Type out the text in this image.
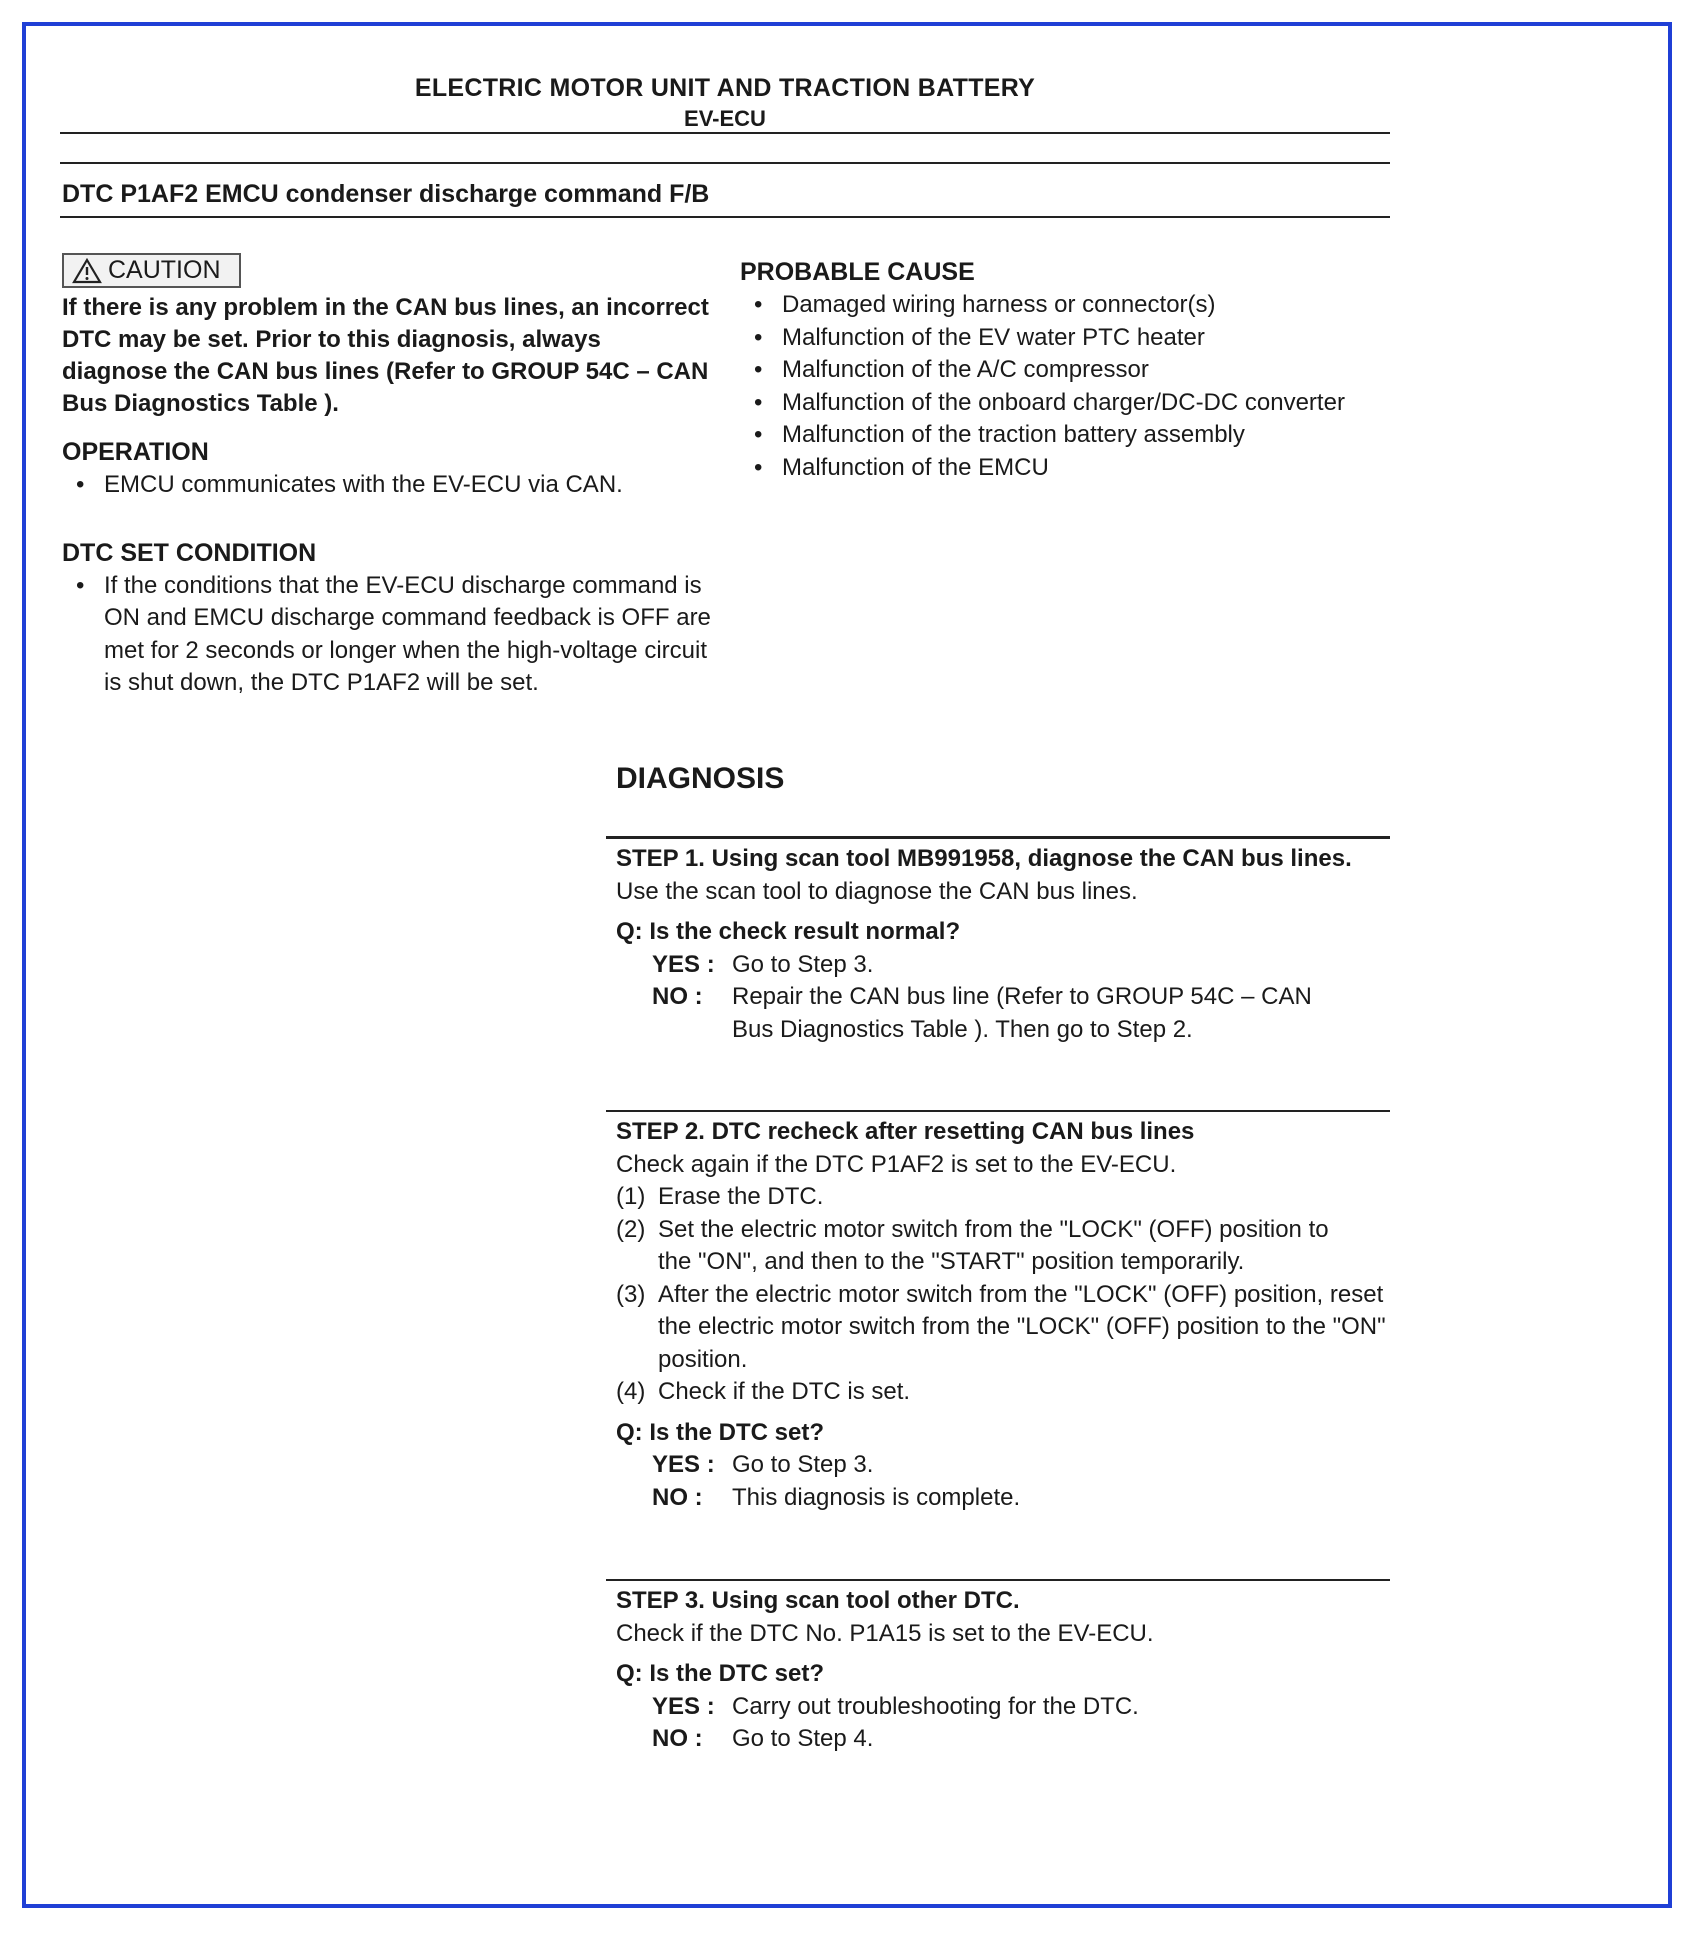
ELECTRIC MOTOR UNIT AND TRACTION BATTERY
EV-ECU
DTC P1AF2 EMCU condenser discharge command F/B
CAUTION
If there is any problem in the CAN bus lines, an incorrect DTC may be set. Prior to this diagnosis, always diagnose the CAN bus lines (Refer to GROUP 54C – CAN Bus Diagnostics Table ).
OPERATION
• EMCU communicates with the EV-ECU via CAN.
DTC SET CONDITION
• If the conditions that the EV-ECU discharge command is ON and EMCU discharge command feedback is OFF are met for 2 seconds or longer when the high-voltage circuit is shut down, the DTC P1AF2 will be set.
PROBABLE CAUSE
• Damaged wiring harness or connector(s)
• Malfunction of the EV water PTC heater
• Malfunction of the A/C compressor
• Malfunction of the onboard charger/DC-DC converter
• Malfunction of the traction battery assembly
• Malfunction of the EMCU
DIAGNOSIS
STEP 1. Using scan tool MB991958, diagnose the CAN bus lines.
Use the scan tool to diagnose the CAN bus lines.
Q: Is the check result normal?
YES : Go to Step 3.
NO :	Repair the CAN bus line (Refer to GROUP 54C – CAN Bus Diagnostics Table ). Then go to Step 2.
STEP 2. DTC recheck after resetting CAN bus lines
Check again if the DTC P1AF2 is set to the EV-ECU.
(1) Erase the DTC.
(2) Set the electric motor switch from the "LOCK" (OFF) position to the "ON", and then to the "START" position temporarily.
(3) After the electric motor switch from the "LOCK" (OFF) position, reset the electric motor switch from the "LOCK" (OFF) position to the "ON" position.
(4) Check if the DTC is set.
Q: Is the DTC set?
YES : Go to Step 3.
NO :	This diagnosis is complete.
STEP 3. Using scan tool other DTC.
Check if the DTC No. P1A15 is set to the EV-ECU.
Q: Is the DTC set?
YES : Carry out troubleshooting for the DTC.
NO :	Go to Step 4.
